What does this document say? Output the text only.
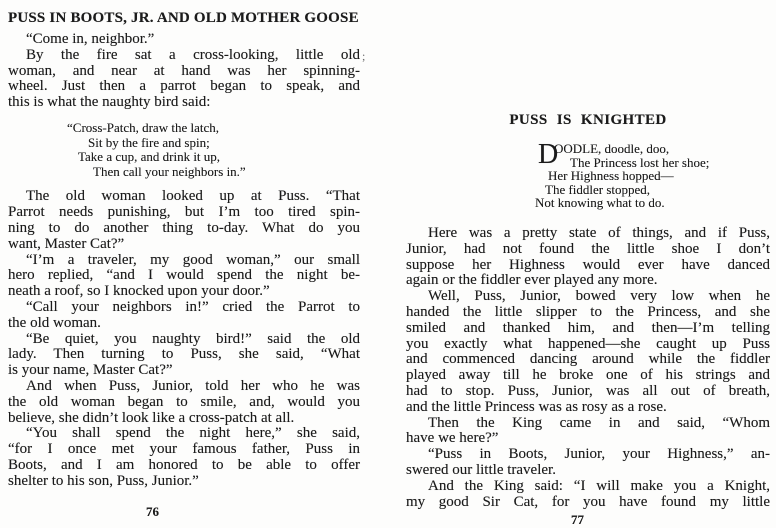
PUSS IN BOOTS, JR. AND OLD MOTHER GOOSE
“Come in, neighbor.”
By the fire sat a cross-looking, little old
woman, and near at hand was her spinning-
wheel. Just then a parrot began to speak, and
this is what the naughty bird said:
“Cross-Patch, draw the latch,
Sit by the fire and spin;
Take a cup, and drink it up,
Then call your neighbors in.”
The old woman looked up at Puss. “That
Parrot needs punishing, but I’m too tired spin-
ning to do another thing to-day. What do you
want, Master Cat?”
“I’m a traveler, my good woman,” our small
hero replied, “and I would spend the night be-
neath a roof, so I knocked upon your door.”
“Call your neighbors in!” cried the Parrot to
the old woman.
“Be quiet, you naughty bird!” said the old
lady. Then turning to Puss, she said, “What
is your name, Master Cat?”
And when Puss, Junior, told her who he was
the old woman began to smile, and, would you
believe, she didn’t look like a cross-patch at all.
“You shall spend the night here,” she said,
“for I once met your famous father, Puss in
Boots, and I am honored to be able to offer
shelter to his son, Puss, Junior.”
PUSS IS KNIGHTED
D
OODLE, doodle, doo,
The Princess lost her shoe;
Her Highness hopped—
The fiddler stopped,
Not knowing what to do.
Here was a pretty state of things, and if Puss,
Junior, had not found the little shoe I don’t
suppose her Highness would ever have danced
again or the fiddler ever played any more.
Well, Puss, Junior, bowed very low when he
handed the little slipper to the Princess, and she
smiled and thanked him, and then—I’m telling
you exactly what happened—she caught up Puss
and commenced dancing around while the fiddler
played away till he broke one of his strings and
had to stop. Puss, Junior, was all out of breath,
and the little Princess was as rosy as a rose.
Then the King came in and said, “Whom
have we here?”
“Puss in Boots, Junior, your Highness,” an-
swered our little traveler.
And the King said: “I will make you a Knight,
my good Sir Cat, for you have found my little
76
77
;
